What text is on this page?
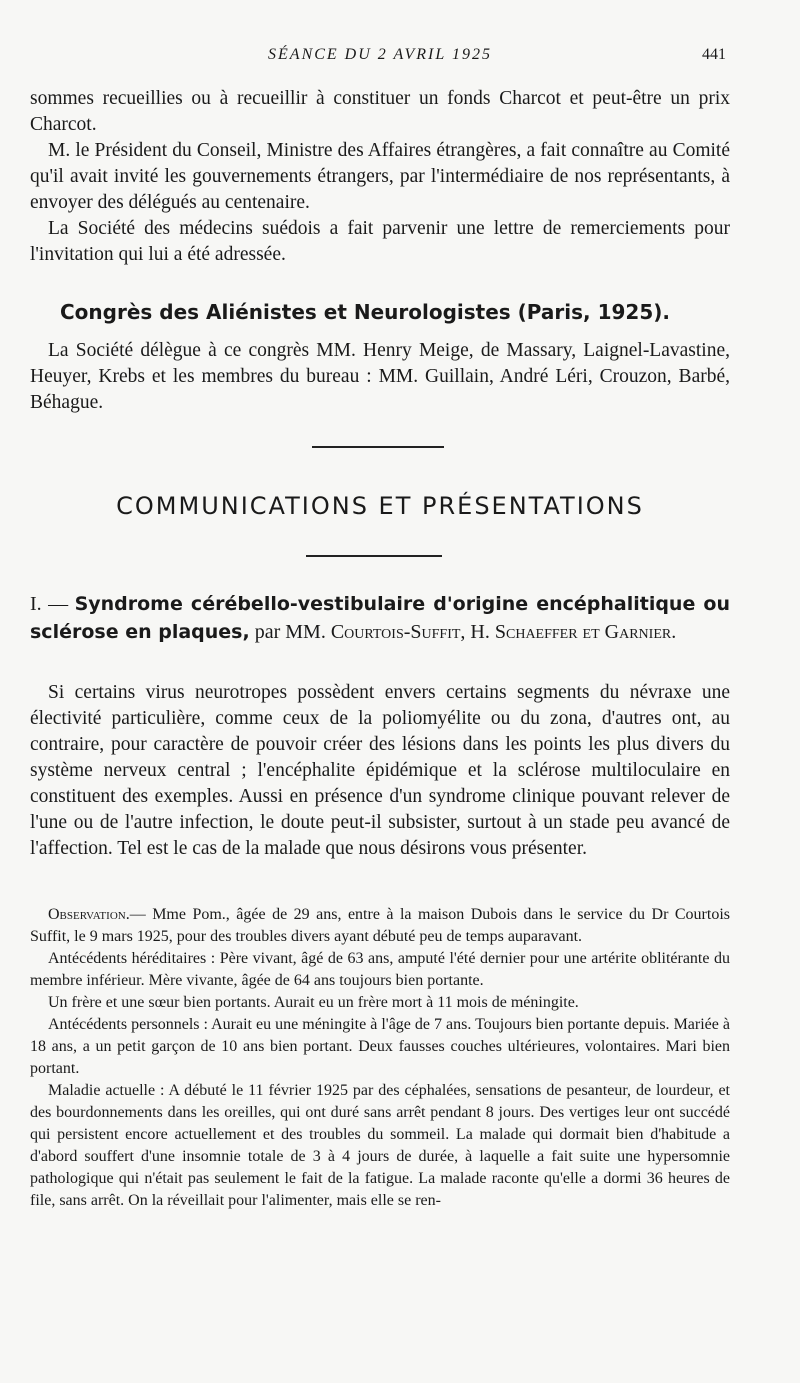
SÉANCE DU 2 AVRIL 1925	441

sommes recueillies ou à recueillir à constituer un fonds Charcot et peut-être un prix Charcot.

M. le Président du Conseil, Ministre des Affaires étrangères, a fait connaître au Comité qu'il avait invité les gouvernements étrangers, par l'intermédiaire de nos représentants, à envoyer des délégués au centenaire.

La Société des médecins suédois a fait parvenir une lettre de remerciements pour l'invitation qui lui a été adressée.

Congrès des Aliénistes et Neurologistes (Paris, 1925).

La Société délègue à ce congrès MM. Henry Meige, de Massary, Laignel-Lavastine, Heuyer, Krebs et les membres du bureau : MM. Guillain, André Léri, Crouzon, Barbé, Béhague.

COMMUNICATIONS ET PRÉSENTATIONS
I. — Syndrome cérébello-vestibulaire d'origine encéphalitique ou sclérose en plaques, par MM. Courtois-Suffit, H. Schaeffer et Garnier.

Si certains virus neurotropes possèdent envers certains segments du névraxe une électivité particulière, comme ceux de la poliomyélite ou du zona, d'autres ont, au contraire, pour caractère de pouvoir créer des lésions dans les points les plus divers du système nerveux central ; l'encéphalite épidémique et la sclérose multiloculaire en constituent des exemples. Aussi en présence d'un syndrome clinique pouvant relever de l'une ou de l'autre infection, le doute peut-il subsister, surtout à un stade peu avancé de l'affection. Tel est le cas de la malade que nous désirons vous présenter.

Observation.— Mme Pom., âgée de 29 ans, entre à la maison Dubois dans le service du Dr Courtois Suffit, le 9 mars 1925, pour des troubles divers ayant débuté peu de temps auparavant.

Antécédents héréditaires : Père vivant, âgé de 63 ans, amputé l'été dernier pour une artérite oblitérante du membre inférieur. Mère vivante, âgée de 64 ans toujours bien portante.

Un frère et une sœur bien portants. Aurait eu un frère mort à 11 mois de méningite.

Antécédents personnels : Aurait eu une méningite à l'âge de 7 ans. Toujours bien portante depuis. Mariée à 18 ans, a un petit garçon de 10 ans bien portant. Deux fausses couches ultérieures, volontaires. Mari bien portant.

Maladie actuelle : A débuté le 11 février 1925 par des céphalées, sensations de pesanteur, de lourdeur, et des bourdonnements dans les oreilles, qui ont duré sans arrêt pendant 8 jours. Des vertiges leur ont succédé qui persistent encore actuellement et des troubles du sommeil. La malade qui dormait bien d'habitude a d'abord souffert d'une insomnie totale de 3 à 4 jours de durée, à laquelle a fait suite une hypersomnie pathologique qui n'était pas seulement le fait de la fatigue. La malade raconte qu'elle a dormi 36 heures de file, sans arrêt. On la réveillait pour l'alimenter, mais elle se ren-
